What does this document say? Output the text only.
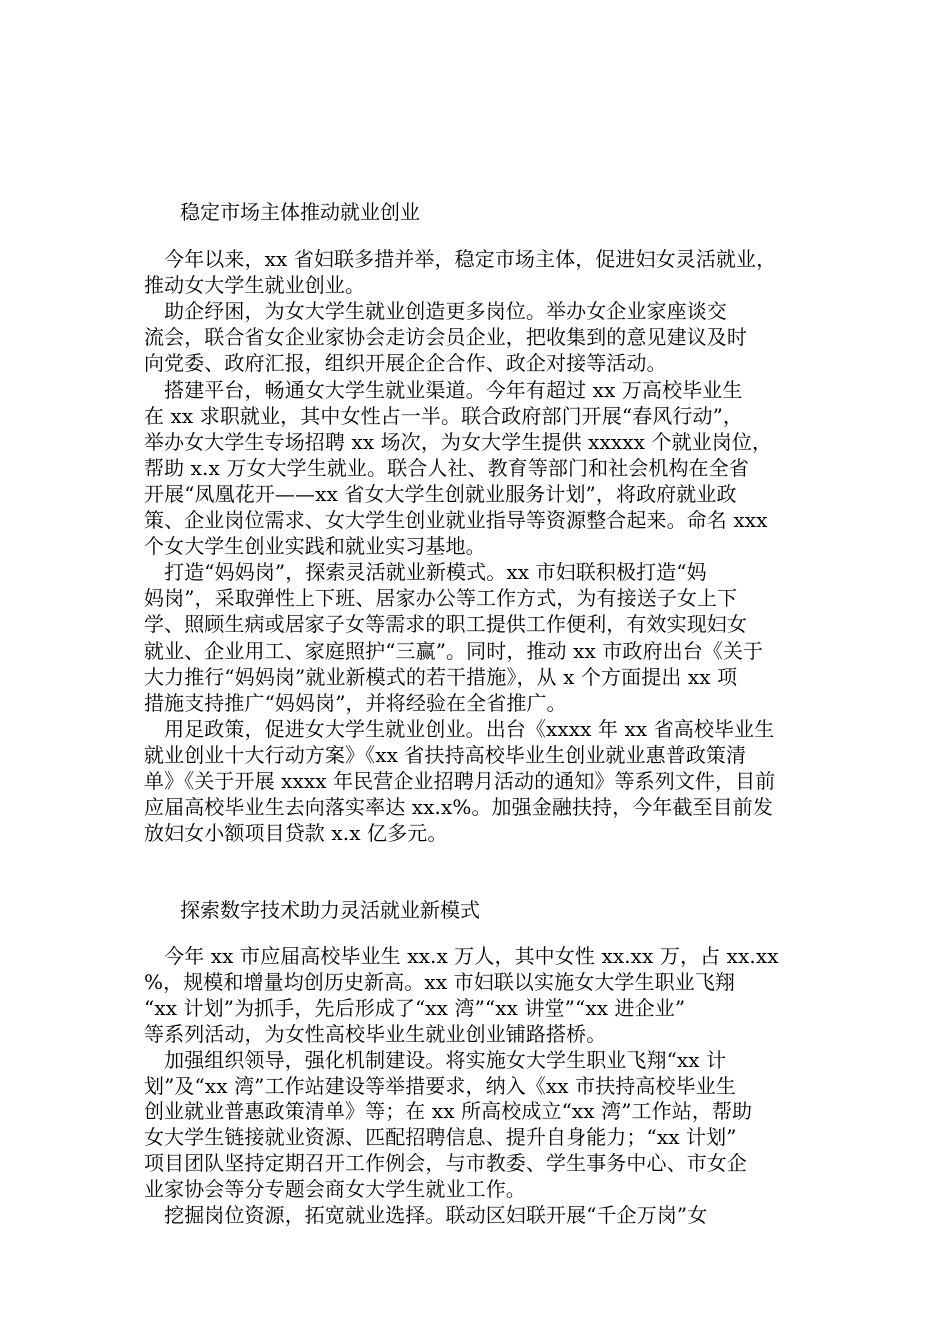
稳定市场主体推动就业创业
　今年以来，xx 省妇联多措并举，稳定市场主体，促进妇女灵活就业，
推动女大学生就业创业。
　助企纾困，为女大学生就业创造更多岗位。举办女企业家座谈交
流会，联合省女企业家协会走访会员企业，把收集到的意见建议及时
向党委、政府汇报，组织开展企企合作、政企对接等活动。
　搭建平台，畅通女大学生就业渠道。今年有超过 xx 万高校毕业生
在 xx 求职就业，其中女性占一半。联合政府部门开展“春风行动”，
举办女大学生专场招聘 xx 场次，为女大学生提供 xxxxx 个就业岗位，
帮助 x.x 万女大学生就业。联合人社、教育等部门和社会机构在全省
开展“凤凰花开——xx 省女大学生创就业服务计划”，将政府就业政
策、企业岗位需求、女大学生创业就业指导等资源整合起来。命名 xxx
个女大学生创业实践和就业实习基地。
　打造“妈妈岗”，探索灵活就业新模式。xx 市妇联积极打造“妈
妈岗”，采取弹性上下班、居家办公等工作方式，为有接送子女上下
学、照顾生病或居家子女等需求的职工提供工作便利，有效实现妇女
就业、企业用工、家庭照护“三赢”。同时，推动 xx 市政府出台《关于
大力推行“妈妈岗”就业新模式的若干措施》，从 x 个方面提出 xx 项
措施支持推广“妈妈岗”，并将经验在全省推广。
　用足政策，促进女大学生就业创业。出台《xxxx 年 xx 省高校毕业生
就业创业十大行动方案》《xx 省扶持高校毕业生创业就业惠普政策清
单》《关于开展 xxxx 年民营企业招聘月活动的通知》等系列文件，目前
应届高校毕业生去向落实率达 xx.x%。加强金融扶持，今年截至目前发
放妇女小额项目贷款 x.x 亿多元。
探索数字技术助力灵活就业新模式
　今年 xx 市应届高校毕业生 xx.x 万人，其中女性 xx.xx 万，占 xx.xx
%，规模和增量均创历史新高。xx 市妇联以实施女大学生职业飞翔
“xx 计划”为抓手，先后形成了“xx 湾”“xx 讲堂”“xx 进企业”
等系列活动，为女性高校毕业生就业创业铺路搭桥。
　加强组织领导，强化机制建设。将实施女大学生职业飞翔“xx 计
划”及“xx 湾”工作站建设等举措要求，纳入《xx 市扶持高校毕业生
创业就业普惠政策清单》等；在 xx 所高校成立“xx 湾”工作站，帮助
女大学生链接就业资源、匹配招聘信息、提升自身能力；“xx 计划”
项目团队坚持定期召开工作例会，与市教委、学生事务中心、市女企
业家协会等分专题会商女大学生就业工作。
　挖掘岗位资源，拓宽就业选择。联动区妇联开展“千企万岗”女
